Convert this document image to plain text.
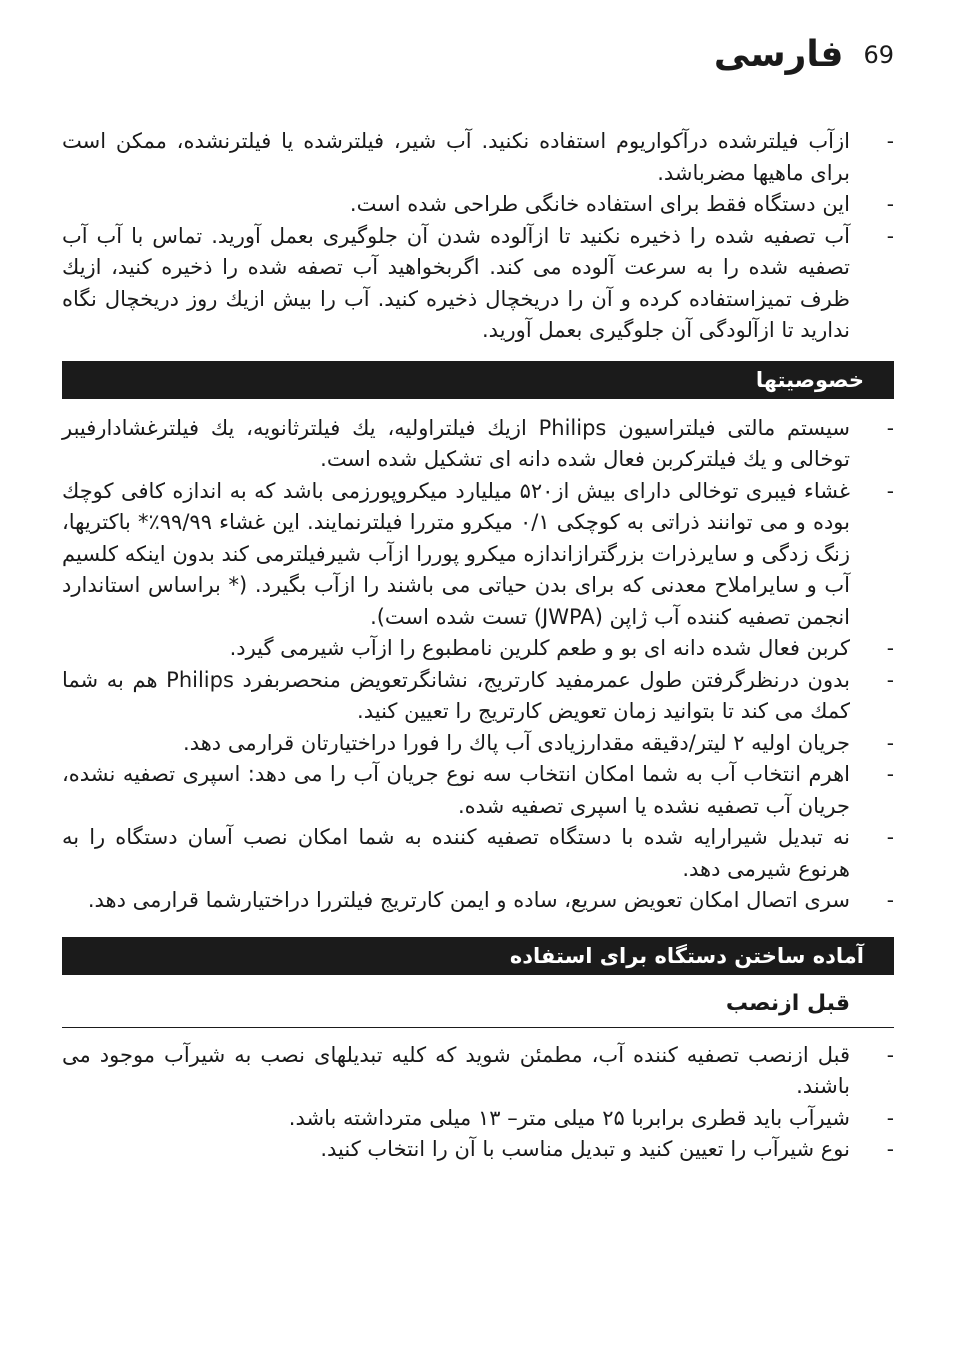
فارسی 69
- ازآب فیلترشده درآکواریوم استفاده نکنید. آب شیر، فیلترشده یا فیلترنشده، ممکن است برای ماهیها مضرباشد.
- این دستگاه فقط برای استفاده خانگی طراحی شده است.
- آب تصفیه شده را ذخیره نکنید تا ازآلوده شدن آن جلوگیری بعمل آورید. تماس با آب آب تصفیه شده را به سرعت آلوده می کند. اگربخواهید آب تصفه شده را ذخیره کنید، ازیك ظرف تمیزاستفاده کرده و آن را دریخچال ذخیره کنید. آب را بیش ازیك روز دریخچال نگاه ندارید تا ازآلودگی آن جلوگیری بعمل آورید.
خصوصیتها
- سیستم مالتی فیلتراسیون Philips ازیك فیلتراولیه، یك فیلترثانویه، یك فیلترغشادارفیبر توخالی و یك فیلترکربن فعال شده دانه ای تشکیل شده است.
- غشاء فیبری توخالی دارای بیش از۵۲۰ میلیارد میکروپورزمی باشد که به اندازه کافی کوچك بوده و می توانند ذراتی به کوچکی ۰/۱ میکرو متررا فیلترنمایند. این غشاء ۹۹/۹۹٪* باکتریها، زنگ زدگی و سایرذرات بزرگترازاندازه میکرو پوررا ازآب شیرفیلترمی کند بدون اینکه کلسیم آب و سایراملاح معدنی که برای بدن حیاتی می باشند را ازآب بگیرد. (* براساس استاندارد انجمن تصفیه کننده آب ژاپن (JWPA) تست شده است).
- کربن فعال شده دانه ای بو و طعم کلرین نامطبوع را ازآب شیرمی گیرد.
- بدون درنظرگرفتن طول عمرمفید کارتریج، نشانگرتعویض منحصربفرد Philips هم به شما کمك می کند تا بتوانید زمان تعویض کارتریج را تعیین کنید.
- جریان اولیه ۲ لیتر/دقیقه مقدارزیادی آب پاك را فورا دراختیارتان قرارمی دهد.
- اهرم انتخاب آب به شما امکان انتخاب سه نوع جریان آب را می دهد: اسپری تصفیه نشده، جریان آب تصفیه نشده یا اسپری تصفیه شده.
- نه تبدیل شیرارایه شده با دستگاه تصفیه کننده به شما امکان نصب آسان دستگاه را به هرنوع شیرمی دهد.
- سری اتصال امکان تعویض سریع، ساده و ایمن کارتریج فیلتررا دراختیارشما قرارمی دهد.
آماده ساختن دستگاه برای استفاده
قبل ازنصب
- قبل ازنصب تصفیه کننده آب، مطمئن شوید که کلیه تبدیلهای نصب به شیرآب موجود می باشند.
- شیرآب باید قطری برابربا ۲۵ میلی متر– ۱۳ میلی مترداشته باشد.
- نوع شیرآب را تعیین کنید و تبدیل مناسب با آن را انتخاب کنید.
